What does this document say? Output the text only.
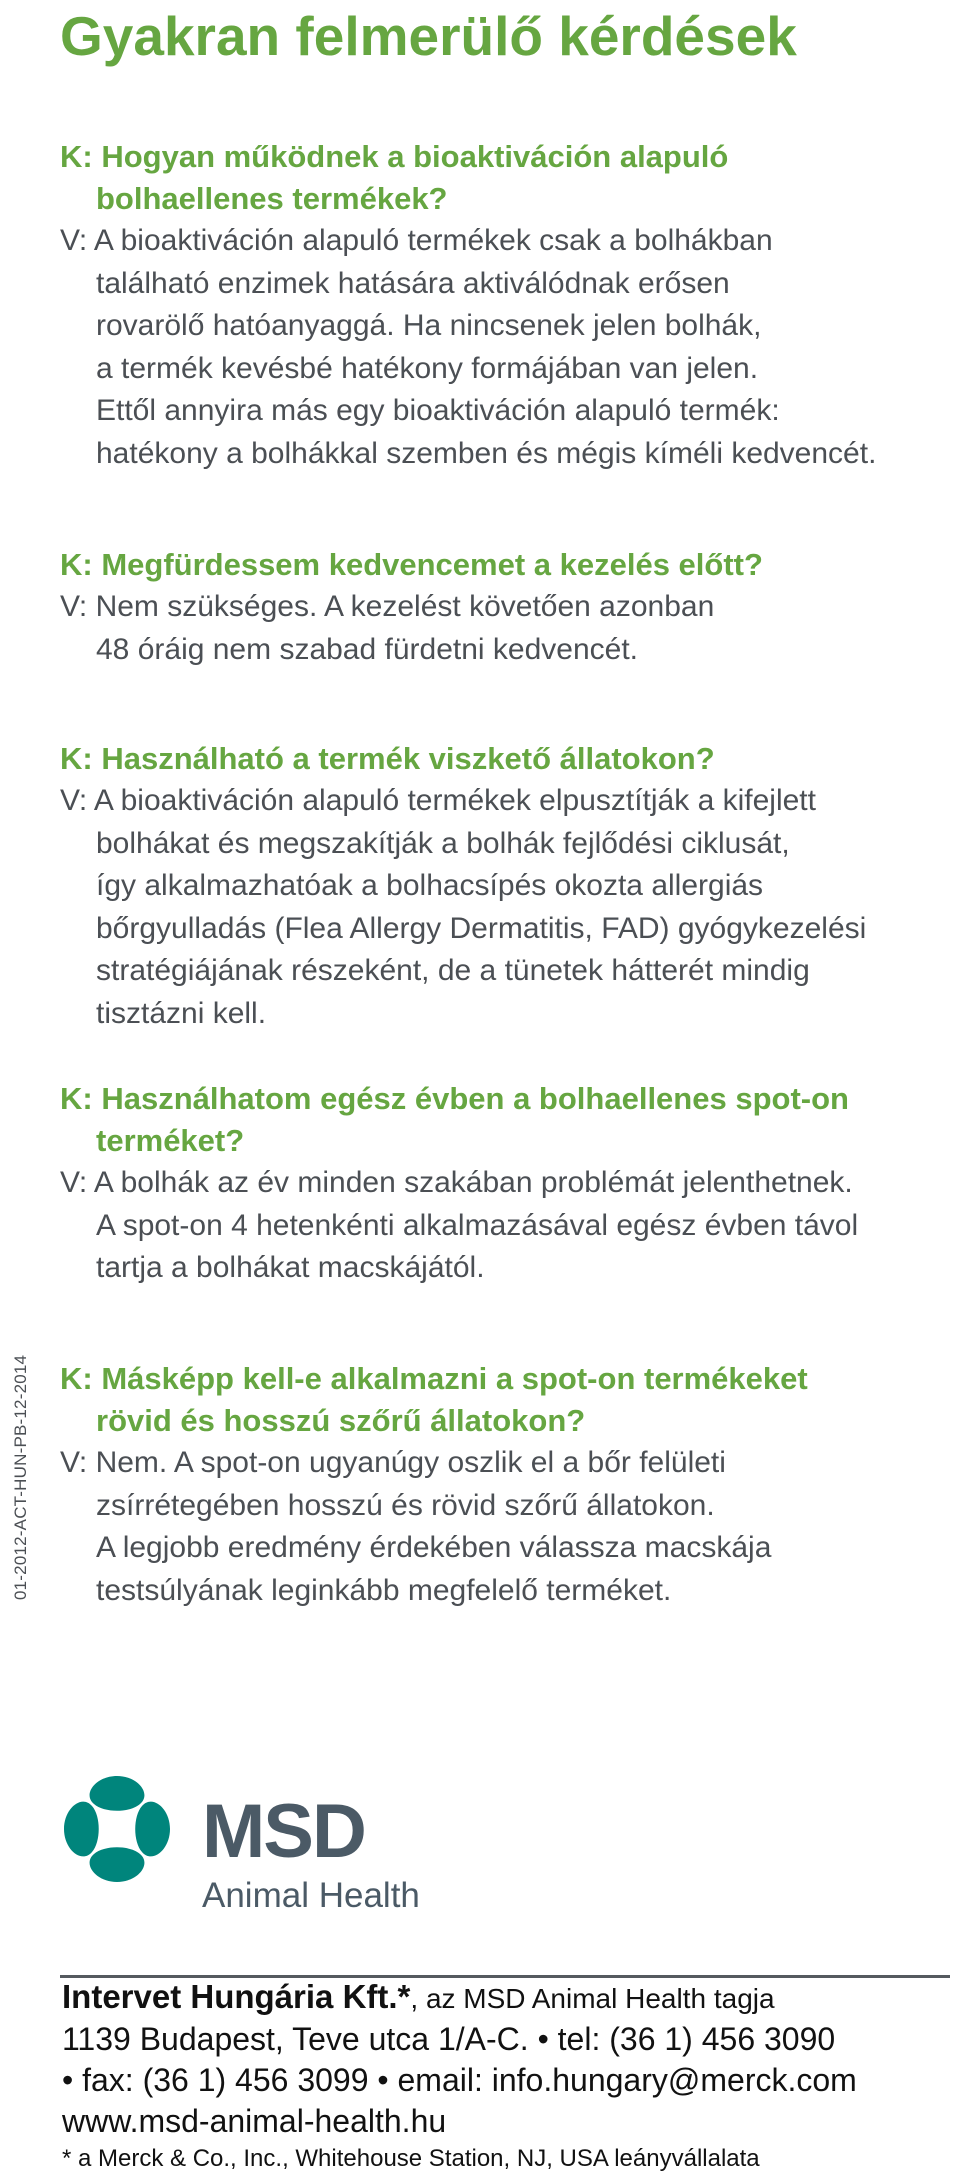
Gyakran felmerülő kérdések

K: Hogyan működnek a bioaktiváción alapuló
bolhaellenes termékek?

V: A bioaktiváción alapuló termékek csak a bolhákban
található enzimek hatására aktiválódnak erősen
rovarölő hatóanyaggá. Ha nincsenek jelen bolhák,
a termék kevésbé hatékony formájában van jelen.
Ettől annyira más egy bioaktiváción alapuló termék:
hatékony a bolhákkal szemben és mégis kíméli kedvencét.

K: Megfürdessem kedvencemet a kezelés előtt?

V: Nem szükséges. A kezelést követően azonban
48 óráig nem szabad fürdetni kedvencét.

K: Használható a termék viszkető állatokon?

V: A bioaktiváción alapuló termékek elpusztítják a kifejlett
bolhákat és megszakítják a bolhák fejlődési ciklusát,
így alkalmazhatóak a bolhacsípés okozta allergiás
bőrgyulladás (Flea Allergy Dermatitis, FAD) gyógykezelési
stratégiájának részeként, de a tünetek hátterét mindig
tisztázni kell.

K: Használhatom egész évben a bolhaellenes spot-on
terméket?

V: A bolhák az év minden szakában problémát jelenthetnek.
A spot-on 4 hetenkénti alkalmazásával egész évben távol
tartja a bolhákat macskájától.

K: Másképp kell-e alkalmazni a spot-on termékeket
rövid és hosszú szőrű állatokon?

V: Nem. A spot-on ugyanúgy oszlik el a bőr felületi
zsírrétegében hosszú és rövid szőrű állatokon.
A legjobb eredmény érdekében válassza macskája
testsúlyának leginkább megfelelő terméket.

01-2012-ACT-HUN-PB-12-2014
MSD
Animal Health

Intervet Hungária Kft.*, az MSD Animal Health tagja

1139 Budapest, Teve utca 1/A-C. • tel: (36 1) 456 3090

• fax: (36 1) 456 3099 • email: info.hungary@merck.com

www.msd-animal-health.hu

* a Merck & Co., Inc., Whitehouse Station, NJ, USA leányvállalata
